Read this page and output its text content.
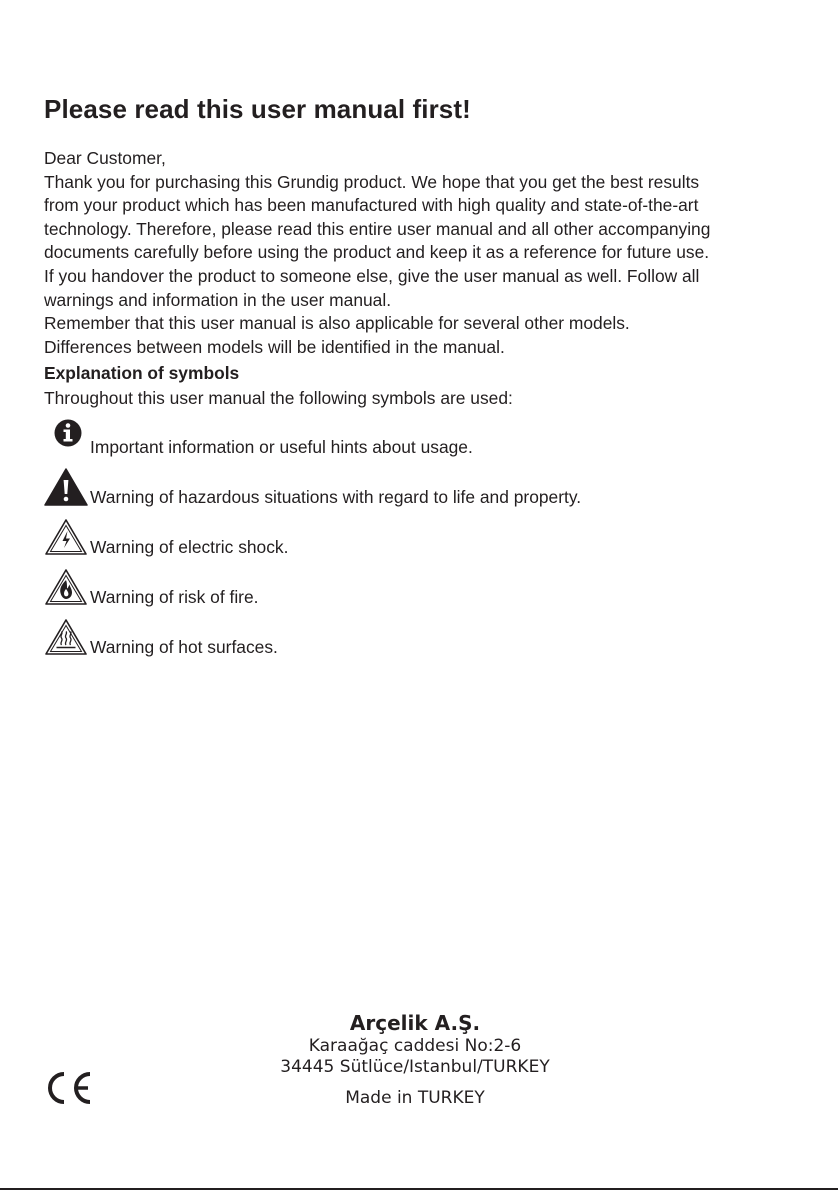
Please read this user manual first!

Dear Customer,

Thank you for purchasing this Grundig product. We hope that you get the best results

from your product which has been manufactured with high quality and state-of-the-art

technology. Therefore, please read this entire user manual and all other accompanying

documents carefully before using the product and keep it as a reference for future use.

If you handover the product to someone else, give the user manual as well. Follow all

warnings and information in the user manual.

Remember that this user manual is also applicable for several other models.

Differences between models will be identified in the manual.

Explanation of symbols

Throughout this user manual the following symbols are used:

Important information or useful hints about usage.
Warning of hazardous situations with regard to life and property.
Warning of electric shock.
Warning of risk of fire.
Warning of hot surfaces.
Arçelik A.Ş.
Karaağaç caddesi No:2-6
34445 Sütlüce/Istanbul/TURKEY
Made in TURKEY
